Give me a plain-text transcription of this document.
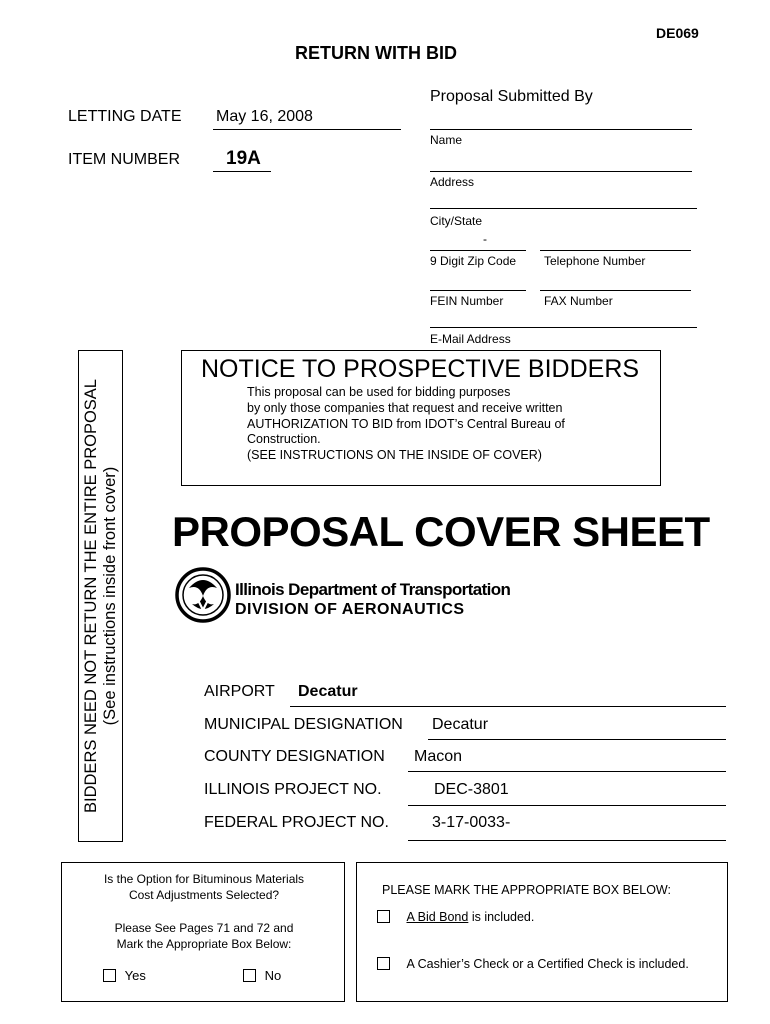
DE069
RETURN WITH BID
LETTING DATE May 16, 2008
ITEM NUMBER 19A
Proposal Submitted By
Name
Address
City/State
-
9 Digit Zip Code Telephone Number
FEIN Number	FAX Number
E-Mail Address
BIDDERS NEED NOT RETURN THE ENTIRE PROPOSAL (See instructions inside front cover)
NOTICE TO PROSPECTIVE BIDDERS
This proposal can be used for bidding purposes
by only those companies that request and receive written
AUTHORIZATION TO BID from IDOT’s Central Bureau of
Construction.
(SEE INSTRUCTIONS ON THE INSIDE OF COVER)
PROPOSAL COVER SHEET
Illinois Department of Transportation
DIVISION OF AERONAUTICS
AIRPORT Decatur
MUNICIPAL DESIGNATION Decatur
COUNTY DESIGNATION Macon
ILLINOIS PROJECT NO.	DEC-3801
FEDERAL PROJECT NO.	3-17-0033-
Is the Option for Bituminous Materials
Cost Adjustments Selected?
Please See Pages 71 and 72 and
Mark the Appropriate Box Below:
Yes	No
PLEASE MARK THE APPROPRIATE BOX BELOW:
A Bid Bond is included.
A Cashier’s Check or a Certified Check is included.
